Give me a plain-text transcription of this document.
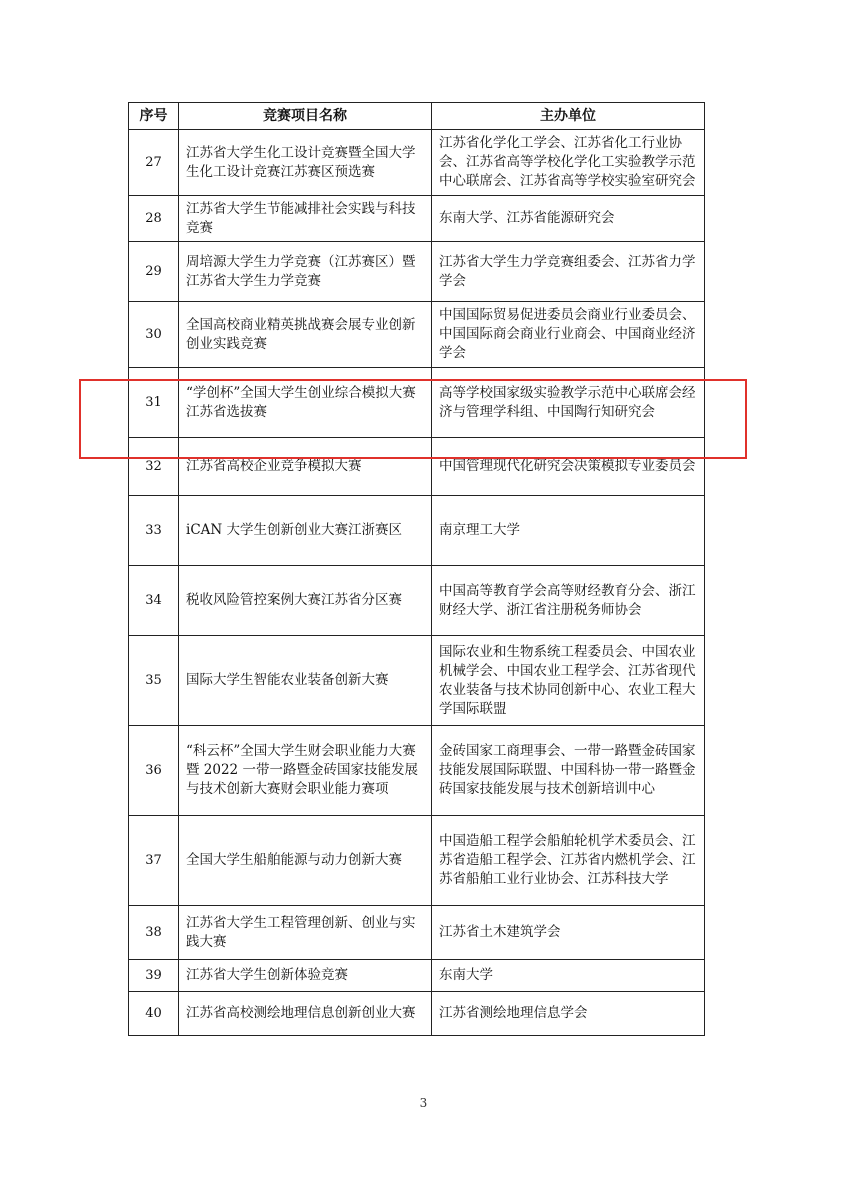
序号	竞赛项目名称	主办单位
27	江苏省大学生化工设计竞赛暨全国大学生化工设计竞赛江苏赛区预选赛	江苏省化学化工学会、江苏省化工行业协会、江苏省高等学校化学化工实验教学示范中心联席会、江苏省高等学校实验室研究会
28	江苏省大学生节能减排社会实践与科技竞赛	东南大学、江苏省能源研究会
29	周培源大学生力学竞赛（江苏赛区）暨江苏省大学生力学竞赛	江苏省大学生力学竞赛组委会、江苏省力学学会
30	全国高校商业精英挑战赛会展专业创新创业实践竞赛	中国国际贸易促进委员会商业行业委员会、中国国际商会商业行业商会、中国商业经济学会
31	“学创杯”全国大学生创业综合模拟大赛江苏省选拔赛	高等学校国家级实验教学示范中心联席会经济与管理学科组、中国陶行知研究会
32	江苏省高校企业竞争模拟大赛	中国管理现代化研究会决策模拟专业委员会
33	iCAN 大学生创新创业大赛江浙赛区	南京理工大学
34	税收风险管控案例大赛江苏省分区赛	中国高等教育学会高等财经教育分会、浙江财经大学、浙江省注册税务师协会
35	国际大学生智能农业装备创新大赛	国际农业和生物系统工程委员会、中国农业机械学会、中国农业工程学会、江苏省现代农业装备与技术协同创新中心、农业工程大学国际联盟
36	“科云杯”全国大学生财会职业能力大赛暨 2022 一带一路暨金砖国家技能发展与技术创新大赛财会职业能力赛项	金砖国家工商理事会、一带一路暨金砖国家技能发展国际联盟、中国科协一带一路暨金砖国家技能发展与技术创新培训中心
37	全国大学生船舶能源与动力创新大赛	中国造船工程学会船舶轮机学术委员会、江苏省造船工程学会、江苏省内燃机学会、江苏省船舶工业行业协会、江苏科技大学
38	江苏省大学生工程管理创新、创业与实践大赛	江苏省土木建筑学会
39	江苏省大学生创新体验竞赛	东南大学
40	江苏省高校测绘地理信息创新创业大赛	江苏省测绘地理信息学会
3
